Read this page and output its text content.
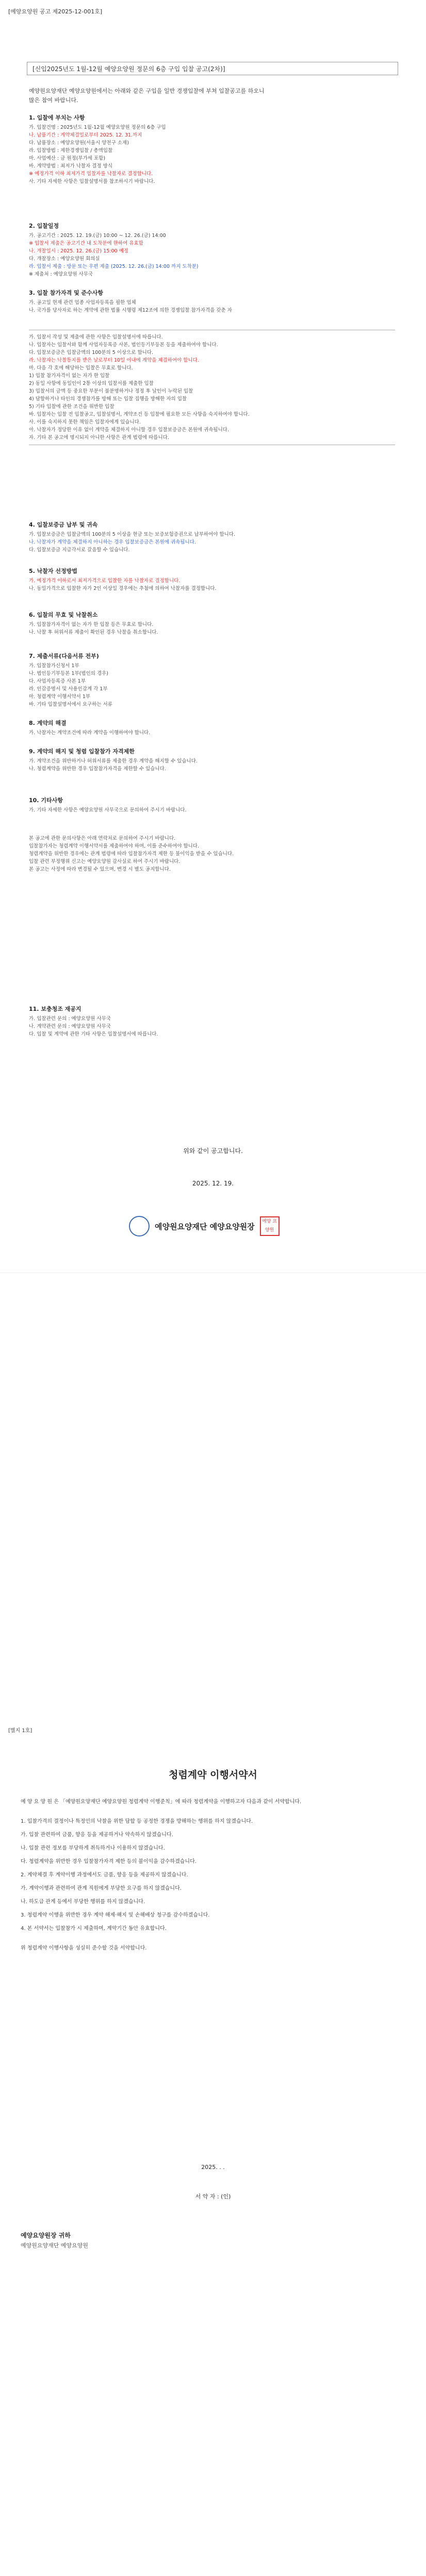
[예양요양원 공고 제2025-12-001호]
[신입2025년도 1월-12월 예양요양원 정문의 6층 구입 입찰 공고(2차)]
예양원요양재단 예양요양원에서는 아래와 같은 구입을 일반 경쟁입찰에 부쳐 입찰공고를 하오니
많은 참여 바랍니다.
1. 입찰에 부치는 사항
가. 입찰건명 : 2025년도 1월-12월 예양요양원 정문의 6층 구입
나. 납품기간 : 계약체결일로부터 2025. 12. 31.까지
다. 납품장소 : 예양요양원(서울시 양천구 소재)
라. 입찰방법 : 제한경쟁입찰 / 총액입찰
마. 사업예산 : 금 원정(부가세 포함)
바. 계약방법 : 최저가 낙찰자 결정 방식
※ 예정가격 이하 최저가격 입찰자를 낙찰자로 결정합니다.
사. 기타 자세한 사항은 입찰설명서를 참조하시기 바랍니다.
2. 입찰일정
가. 공고기간 : 2025. 12. 19.(금) 10:00 ~ 12. 26.(금) 14:00
※ 입찰서 제출은 공고기간 내 도착분에 한하여 유효함
나. 개찰일시 : 2025. 12. 26.(금) 15:00 예정
다. 개찰장소 : 예양요양원 회의실
라. 입찰서 제출 : 방문 또는 우편 제출 (2025. 12. 26.(금) 14:00 까지 도착분)
※ 제출처 : 예양요양원 사무국
3. 입찰 참가자격 및 준수사항
가. 공고일 현재 관련 업종 사업자등록을 필한 업체
나. 국가를 당사자로 하는 계약에 관한 법률 시행령 제12조에 의한 경쟁입찰 참가자격을 갖춘 자
가. 입찰서 작성 및 제출에 관한 사항은 입찰설명서에 따릅니다.
나. 입찰자는 입찰서와 함께 사업자등록증 사본, 법인등기부등본 등을 제출하여야 합니다.
다. 입찰보증금은 입찰금액의 100분의 5 이상으로 합니다.
라. 낙찰자는 낙찰통지를 받은 날로부터 10일 이내에 계약을 체결하여야 합니다.
마. 다음 각 호에 해당하는 입찰은 무효로 합니다.
1) 입찰 참가자격이 없는 자가 한 입찰
2) 동일 사항에 동일인이 2통 이상의 입찰서를 제출한 입찰
3) 입찰서의 금액 등 중요한 부분이 불분명하거나 정정 후 날인이 누락된 입찰
4) 담합하거나 타인의 경쟁참가를 방해 또는 입찰 집행을 방해한 자의 입찰
5) 기타 입찰에 관한 조건을 위반한 입찰
바. 입찰자는 입찰 전 입찰공고, 입찰설명서, 계약조건 등 입찰에 필요한 모든 사항을 숙지하여야 합니다.
사. 이를 숙지하지 못한 책임은 입찰자에게 있습니다.
아. 낙찰자가 정당한 이유 없이 계약을 체결하지 아니할 경우 입찰보증금은 본원에 귀속됩니다.
자. 기타 본 공고에 명시되지 아니한 사항은 관계 법령에 따릅니다.
4. 입찰보증금 납부 및 귀속
가. 입찰보증금은 입찰금액의 100분의 5 이상을 현금 또는 보증보험증권으로 납부하여야 합니다.
나. 낙찰자가 계약을 체결하지 아니하는 경우 입찰보증금은 본원에 귀속됩니다.
다. 입찰보증금 지급각서로 갈음할 수 있습니다.
5. 낙찰자 선정방법
가. 예정가격 이하로서 최저가격으로 입찰한 자를 낙찰자로 결정합니다.
나. 동일가격으로 입찰한 자가 2인 이상일 경우에는 추첨에 의하여 낙찰자를 결정합니다.
6. 입찰의 무효 및 낙찰취소
가. 입찰참가자격이 없는 자가 한 입찰 등은 무효로 합니다.
나. 낙찰 후 허위서류 제출이 확인된 경우 낙찰을 취소합니다.
7. 제출서류(다음서류 전부)
가. 입찰참가신청서 1부
나. 법인등기부등본 1부(법인의 경우)
다. 사업자등록증 사본 1부
라. 인감증명서 및 사용인감계 각 1부
마. 청렴계약 이행서약서 1부
바. 기타 입찰설명서에서 요구하는 서류
8. 계약의 해결
가. 낙찰자는 계약조건에 따라 계약을 이행하여야 합니다.
9. 계약의 해지 및 청렴 입찰참가 자격제한
가. 계약조건을 위반하거나 허위서류를 제출한 경우 계약을 해지할 수 있습니다.
나. 청렴계약을 위반한 경우 입찰참가자격을 제한할 수 있습니다.
10. 기타사항
가. 기타 자세한 사항은 예양요양원 사무국으로 문의하여 주시기 바랍니다.
본 공고에 관한 문의사항은 아래 연락처로 문의하여 주시기 바랍니다.
입찰참가자는 청렴계약 이행서약서를 제출하여야 하며, 이를 준수하여야 합니다.
청렴계약을 위반한 경우에는 관계 법령에 따라 입찰참가자격 제한 등 불이익을 받을 수 있습니다.
입찰 관련 부정행위 신고는 예양요양원 감사실로 하여 주시기 바랍니다.
본 공고는 사정에 따라 변경될 수 있으며, 변경 시 별도 공지합니다.
11. 보충청조 재공지
가. 입찰관련 문의 : 예양요양원 사무국
나. 계약관련 문의 : 예양요양원 사무국
다. 입찰 및 계약에 관한 기타 사항은 입찰설명서에 따릅니다.
위와 같이 공고합니다.
2025. 12. 19.
예양원요양재단 예양요양원장
예양 요양원
[별지 1호]
청렴계약 이행서약서
예 양 요 양 원 은 「예양원요양재단 예양요양원 청렴계약 이행준칙」에 따라 청렴계약을 이행하고자 다음과 같이 서약합니다.
1. 입찰가격의 결정이나 특정인의 낙찰을 위한 담합 등 공정한 경쟁을 방해하는 행위를 하지 않겠습니다.
가. 입찰 관련하여 금품, 향응 등을 제공하거나 약속하지 않겠습니다.
나. 입찰 관련 정보를 부당하게 취득하거나 이용하지 않겠습니다.
다. 청렴계약을 위반한 경우 입찰참가자격 제한 등의 불이익을 감수하겠습니다.
2. 계약체결 후 계약이행 과정에서도 금품, 향응 등을 제공하지 않겠습니다.
가. 계약이행과 관련하여 관계 직원에게 부당한 요구를 하지 않겠습니다.
나. 하도급 관계 등에서 부당한 행위를 하지 않겠습니다.
3. 청렴계약 이행을 위반한 경우 계약 해제·해지 및 손해배상 청구를 감수하겠습니다.
4. 본 서약서는 입찰참가 시 제출하며, 계약기간 동안 유효합니다.
위 청렴계약 이행사항을 성실히 준수할 것을 서약합니다.
2025. . .
서 약 자 : (인)
예양요양원장 귀하
예양원요양재단 예양요양원
